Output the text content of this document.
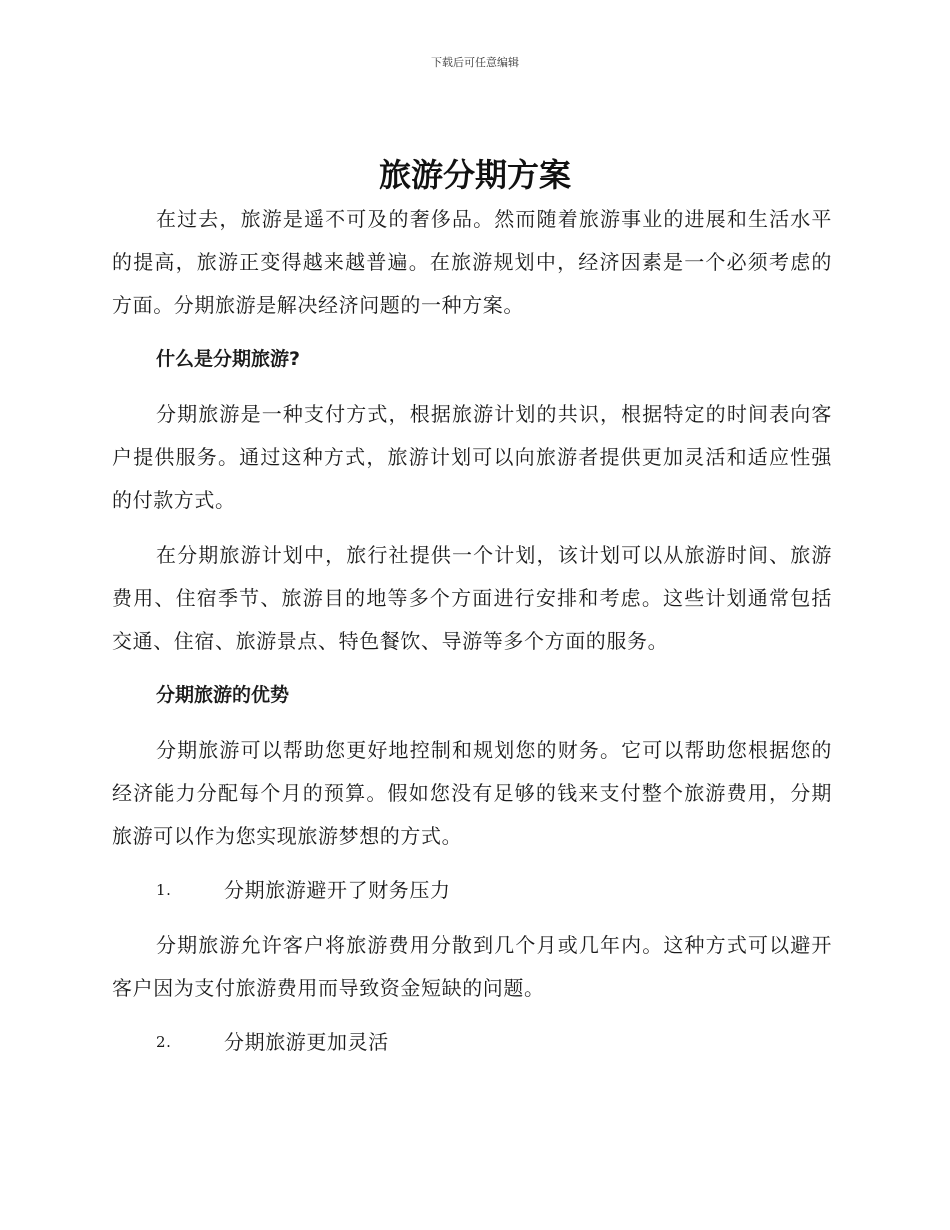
下载后可任意编辑
旅游分期方案

在过去，旅游是遥不可及的奢侈品。然而随着旅游事业的进展和生活水平的提高，旅游正变得越来越普遍。在旅游规划中，经济因素是一个必须考虑的方面。分期旅游是解决经济问题的一种方案。

什么是分期旅游?

分期旅游是一种支付方式，根据旅游计划的共识，根据特定的时间表向客户提供服务。通过这种方式，旅游计划可以向旅游者提供更加灵活和适应性强的付款方式。

在分期旅游计划中，旅行社提供一个计划，该计划可以从旅游时间、旅游费用、住宿季节、旅游目的地等多个方面进行安排和考虑。这些计划通常包括交通、住宿、旅游景点、特色餐饮、导游等多个方面的服务。

分期旅游的优势

分期旅游可以帮助您更好地控制和规划您的财务。它可以帮助您根据您的经济能力分配每个月的预算。假如您没有足够的钱来支付整个旅游费用，分期旅游可以作为您实现旅游梦想的方式。

1.	分期旅游避开了财务压力

分期旅游允许客户将旅游费用分散到几个月或几年内。这种方式可以避开客户因为支付旅游费用而导致资金短缺的问题。

2.	分期旅游更加灵活
